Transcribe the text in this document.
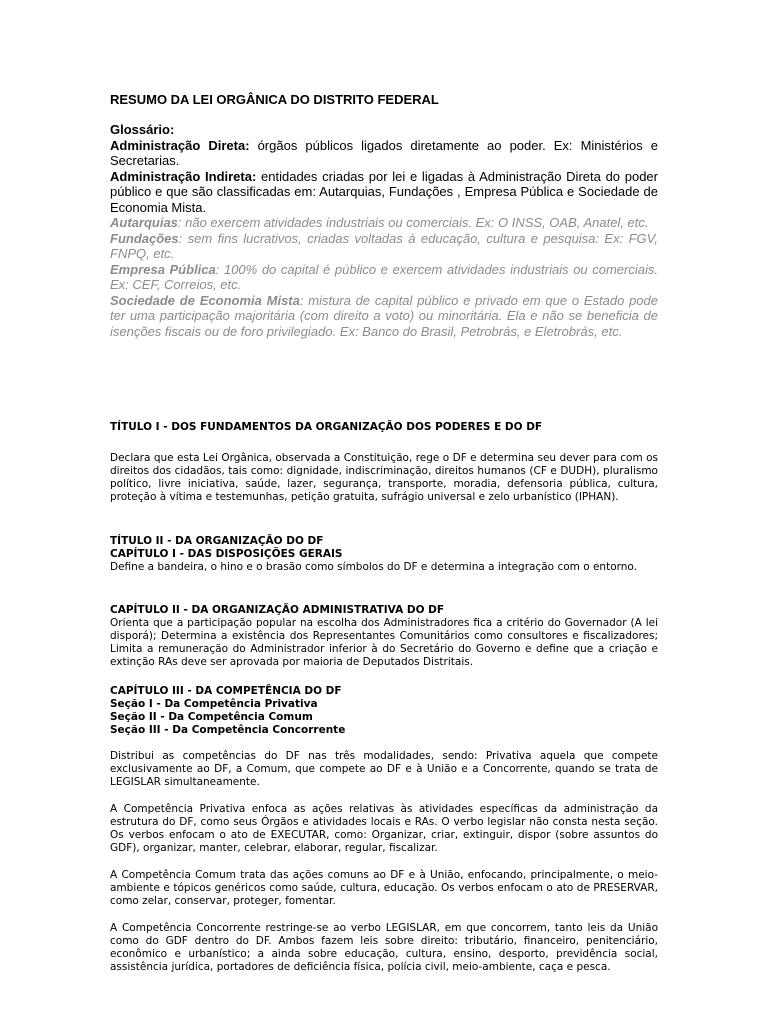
RESUMO DA LEI ORGÂNICA DO DISTRITO FEDERAL

Glossário:

Administração Direta: órgãos públicos ligados diretamente ao poder. Ex: Ministérios e Secretarias.

Administração Indireta: entidades criadas por lei e ligadas à Administração Direta do poder público e que são classificadas em: Autarquias, Fundações , Empresa Pública e Sociedade de Economia Mista.

Autarquias: não exercem atividades industriais ou comerciais. Ex: O INSS, OAB, Anatel, etc.

Fundações: sem fins lucrativos, criadas voltadas à educação, cultura e pesquisa: Ex: FGV, FNPQ, etc.

Empresa Pública: 100% do capital é público e exercem atividades industriais ou comerciais. Ex: CEF, Correios, etc.

Sociedade de Economia Mista: mistura de capital público e privado em que o Estado pode ter uma participação majoritária (com direito a voto) ou minoritária. Ela e não se beneficia de isenções fiscais ou de foro privilegiado. Ex: Banco do Brasil, Petrobrás, e Eletrobrás, etc.

TÍTULO I - DOS FUNDAMENTOS DA ORGANIZAÇÃO DOS PODERES E DO DF
Declara que esta Lei Orgânica, observada a Constituição, rege o DF e determina seu dever para com os direitos dos cidadãos, tais como: dignidade, indiscriminação, direitos humanos (CF e DUDH), pluralismo político, livre iniciativa, saúde, lazer, segurança, transporte, moradia, defensoria pública, cultura, proteção à vítima e testemunhas, petição gratuita, sufrágio universal e zelo urbanístico (IPHAN).

TÍTULO II - DA ORGANIZAÇÃO DO DF

CAPÍTULO I - DAS DISPOSIÇÕES GERAIS

Define a bandeira, o hino e o brasão como símbolos do DF e determina a integração com o entorno.

CAPÍTULO II - DA ORGANIZAÇÃO ADMINISTRATIVA DO DF

Orienta que a participação popular na escolha dos Administradores fica a critério do Governador (A lei disporá); Determina a existência dos Representantes Comunitários como consultores e fiscalizadores; Limita a remuneração do Administrador inferior à do Secretário do Governo e define que a criação e extinção RAs deve ser aprovada por maioria de Deputados Distritais.

CAPÍTULO III - DA COMPETÊNCIA DO DF

Seção I - Da Competência Privativa

Seção II - Da Competência Comum

Seção III - Da Competência Concorrente

Distribui as competências do DF nas três modalidades, sendo: Privativa aquela que compete exclusivamente ao DF, a Comum, que compete ao DF e à União e a Concorrente, quando se trata de LEGISLAR simultaneamente.
A Competência Privativa enfoca as ações relativas às atividades específicas da administração da estrutura do DF, como seus Órgãos e atividades locais e RAs. O verbo legislar não consta nesta seção. Os verbos enfocam o ato de EXECUTAR, como: Organizar, criar, extinguir, dispor (sobre assuntos do GDF), organizar, manter, celebrar, elaborar, regular, fiscalizar.
A Competência Comum trata das ações comuns ao DF e à União, enfocando, principalmente, o meio-ambiente e tópicos genéricos como saúde, cultura, educação. Os verbos enfocam o ato de PRESERVAR, como zelar, conservar, proteger, fomentar.
A Competência Concorrente restringe-se ao verbo LEGISLAR, em que concorrem, tanto leis da União como do GDF dentro do DF. Ambos fazem leis sobre direito: tributário, financeiro, penitenciário, econômico e urbanístico; a ainda sobre educação, cultura, ensino, desporto, previdência social, assistência jurídica, portadores de deficiência física, polícia civil, meio-ambiente, caça e pesca.
